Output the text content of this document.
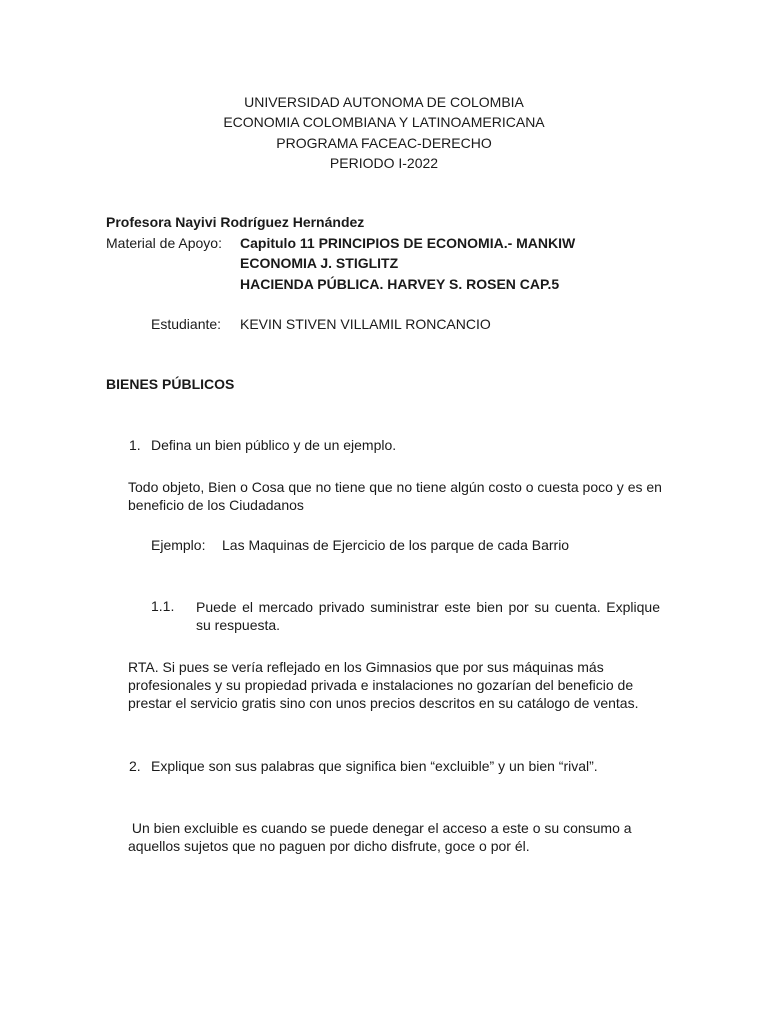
UNIVERSIDAD AUTONOMA DE COLOMBIA
ECONOMIA COLOMBIANA Y LATINOAMERICANA
PROGRAMA FACEAC-DERECHO
PERIODO I-2022
Profesora Nayivi Rodríguez Hernández
Material de Apoyo: Capitulo 11 PRINCIPIOS DE ECONOMIA.- MANKIW
ECONOMIA J. STIGLITZ
HACIENDA PÚBLICA. HARVEY S. ROSEN CAP.5
Estudiante: KEVIN STIVEN VILLAMIL RONCANCIO
BIENES PÚBLICOS
1. Defina un bien público y de un ejemplo.
Todo objeto, Bien o Cosa que no tiene que no tiene algún costo o cuesta poco y es en beneficio de los Ciudadanos
Ejemplo: Las Maquinas de Ejercicio de los parque de cada Barrio
1.1. Puede el mercado privado suministrar este bien por su cuenta. Explique su respuesta.
RTA. Si pues se vería reflejado en los Gimnasios que por sus máquinas más profesionales y su propiedad privada e instalaciones no gozarían del beneficio de prestar el servicio gratis sino con unos precios descritos en su catálogo de ventas.
2. Explique son sus palabras que significa bien “excluible” y un bien “rival”.
Un bien excluible es cuando se puede denegar el acceso a este o su consumo a aquellos sujetos que no paguen por dicho disfrute, goce o por él.
